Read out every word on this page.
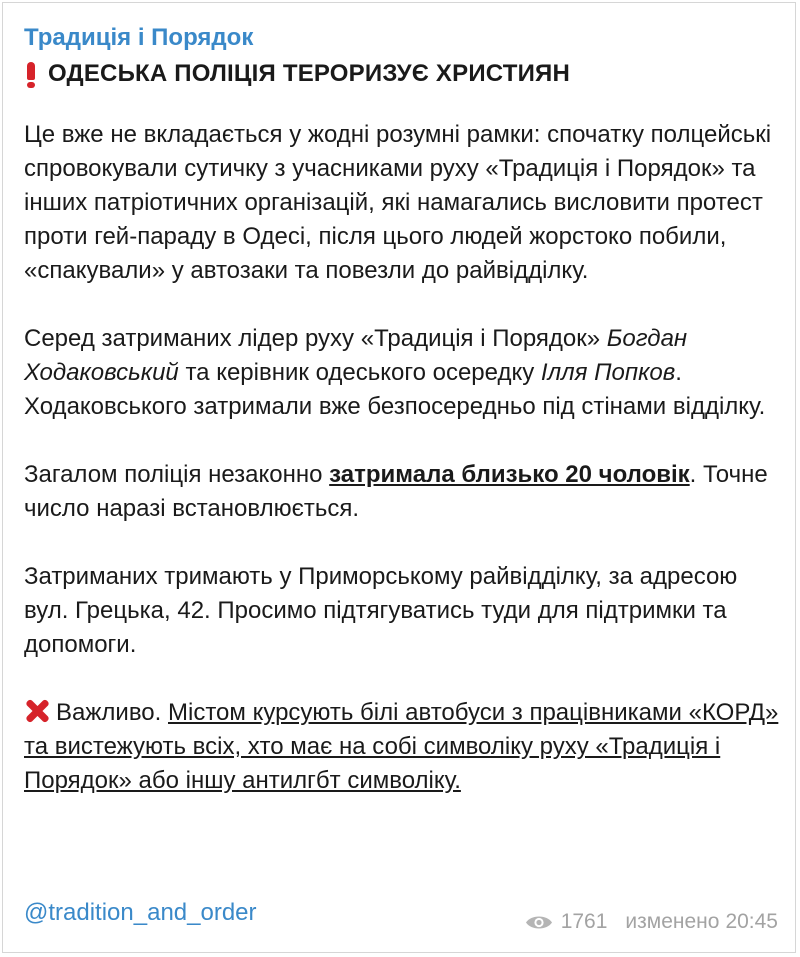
Традиція і Порядок
ОДЕСЬКА ПОЛІЦІЯ ТЕРОРИЗУЄ ХРИСТИЯН

Це вже не вкладається у жодні розумні рамки: спочатку полцейські спровокували сутичку з учасниками руху «Традиція і Порядок» та інших патріотичних організацій, які намагались висловити протест проти гей-параду в Одесі, після цього людей жорстоко побили, «спакували» у автозаки та повезли до райвідділку.

Серед затриманих лідер руху «Традиція і Порядок» Богдан Ходаковський та керівник одеського осередку Ілля Попков. Ходаковського затримали вже безпосередньо під стінами відділку.

Загалом поліція незаконно затримала близько 20 чоловік. Точне число наразі встановлюється.

Затриманих тримають у Приморському райвідділку, за адресою вул. Грецька, 42. Просимо підтягуватись туди для підтримки та допомоги.

Важливо. Містом курсують білі автобуси з працівниками «КОРД» та вистежують всіх, хто має на собі символіку руху «Традиція і Порядок» або іншу антилгбт символіку.

@tradition_and_order	1761 изменено 20:45
